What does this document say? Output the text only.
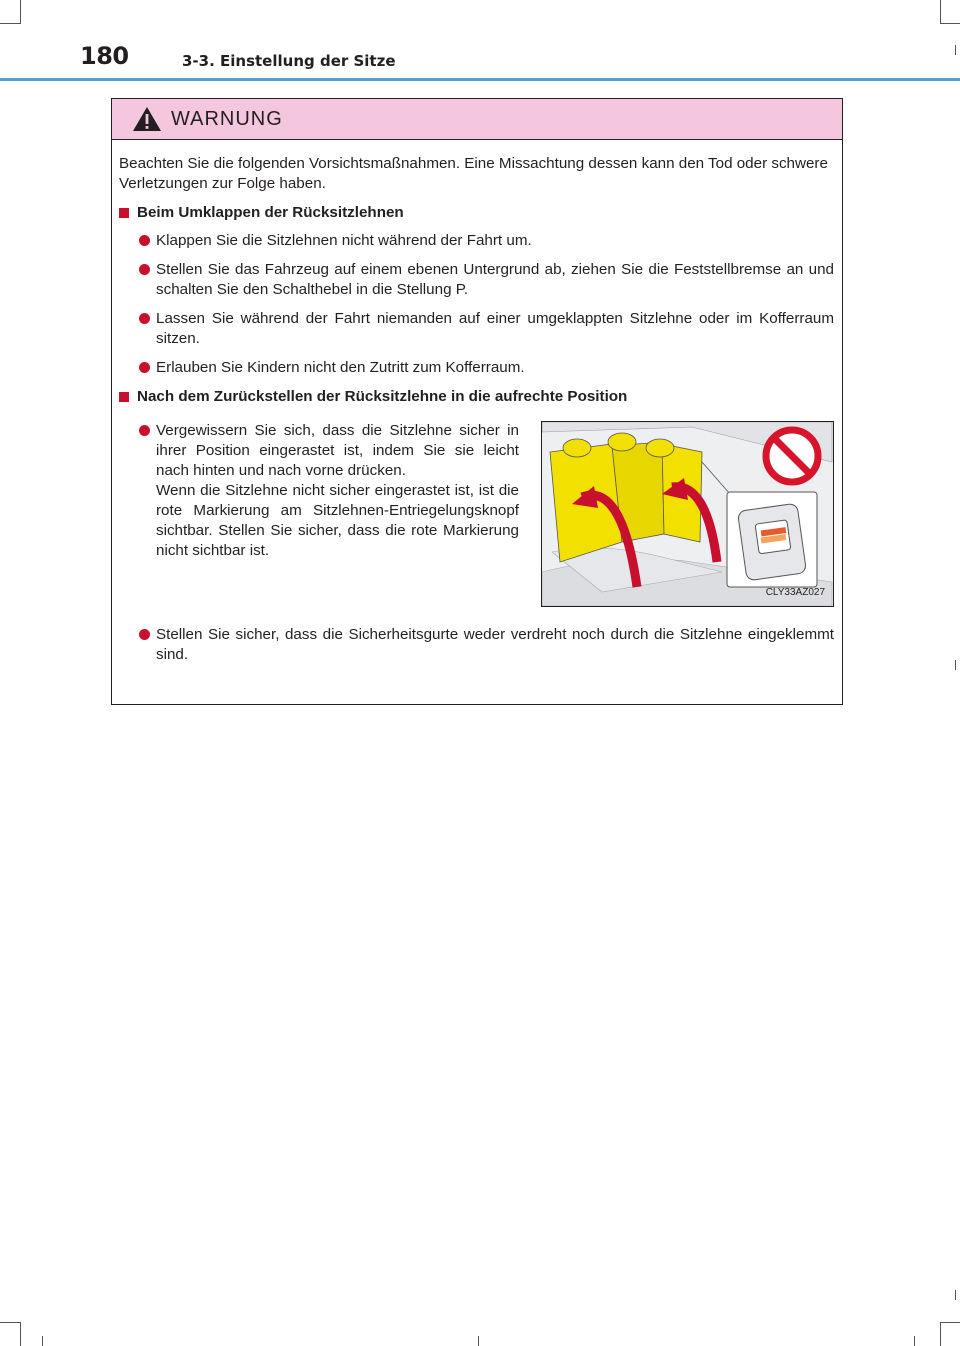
180	3-3. Einstellung der Sitze
WARNUNG

Beachten Sie die folgenden Vorsichtsmaßnahmen. Eine Missachtung dessen kann den Tod oder schwere Verletzungen zur Folge haben.

Beim Umklappen der Rücksitzlehnen
Klappen Sie die Sitzlehnen nicht während der Fahrt um.
Stellen Sie das Fahrzeug auf einem ebenen Untergrund ab, ziehen Sie die Feststellbremse an und schalten Sie den Schalthebel in die Stellung P.
Lassen Sie während der Fahrt niemanden auf einer umgeklappten Sitzlehne oder im Kofferraum sitzen.
Erlauben Sie Kindern nicht den Zutritt zum Kofferraum.
Nach dem Zurückstellen der Rücksitzlehne in die aufrechte Position

Vergewissern Sie sich, dass die Sitzlehne sicher in ihrer Position eingerastet ist, indem Sie sie leicht nach hinten und nach vorne drücken.

Wenn die Sitzlehne nicht sicher eingerastet ist, ist die rote Markierung am Sitzlehnen-Entriegelungsknopf sichtbar. Stellen Sie sicher, dass die rote Markierung nicht sichtbar ist.

CLY33AZ027
Stellen Sie sicher, dass die Sicherheitsgurte weder verdreht noch durch die Sitzlehne eingeklemmt sind.
